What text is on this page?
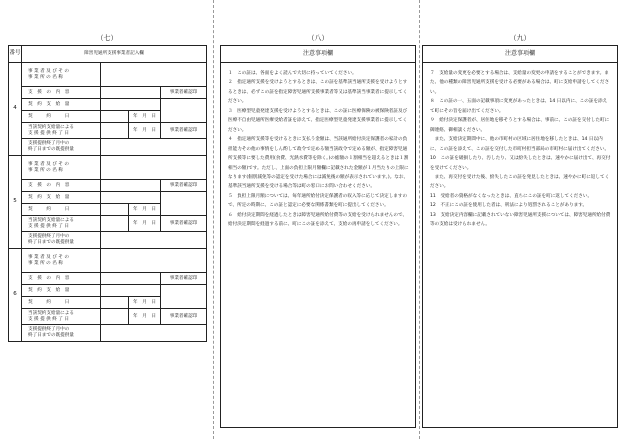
（七）	（八）	（九）
番号	障害児通所支援事業者記入欄			
4	事 業 者 及 び そ の
事 業 所 の 名 称			
	支　援　の　内　容			事業者確認印
	契　約　支　給　量			
	契　　　約　　　日		年　月　日	
	当該契約支給量による
支 援 提 供 終 了 日		年　月　日	事業者確認印
	支援提供終了月中の
終了日までの既提供量			
5	事 業 者 及 び そ の
事 業 所 の 名 称			
	支　援　の　内　容			事業者確認印
	契　約　支　給　量			
	契　　　約　　　日		年　月　日	
	当該契約支給量による
支 援 提 供 終 了 日		年　月　日	事業者確認印
	支援提供終了月中の
終了日までの既提供量			
6	事 業 者 及 び そ の
事 業 所 の 名 称			
	支　援　の　内　容			事業者確認印
	契　約　支　給　量			
	契　　　約　　　日		年　月　日	
	当該契約支給量による
支 援 提 供 終 了 日		年　月　日	事業者確認印
	支援提供終了月中の
終了日までの既提供量			
注意事項欄

１　この証は、各面をよく読んで大切に持っていてください。

２　指定通所支援を受けようとするときは、この証を基準該当通所支援を受けようとするときは、必ずこの証を指定障害児通所支援事業者等又は基準該当事業者に提示してください。

３　医療型児童発達支援を受けようとするときは、この証に医療保険の被保険者証及び医療不自由児通所医療受給者証を添えて、指定医療型児童発達支援事業者に提示してください。

４　指定通所支援等を受けるときに支払う金額は、当該通所給付決定保護者の家計の負担能力その他の事情をしん酌して政令で定める額当該政令で定める額が、指定障害児通所支援等に要した費用(食費、光熱水費等を除く。)の総額の１割相当を超えるときは１割相当の額)です。ただし、上面の負担上限月額欄に記載された金額が１月当たりの上限になります(個別減免等の認定を受けた場合には減免後の額が表示されています。)。なお、基準該当通所支援を受ける場合等は町の窓口にお問い合わせください。

５　負担上限月額については、毎年通所給付決定保護者の収入等に応じて決定しますので、所定の時期に、この証と認定に必要な関係書類を町に提出してください。

６　給付決定期間を経過したときは障害児通所給付費等の支給を受けられませんので、給付決定期間を経過する前に、町にこの証を添えて、支給の再申請をしてください。

注意事項欄

７　支給量の変更を必要とする場合は、支給量の変更の申請をすることができます。また、他の種類の障害児通所支援を受ける必要がある場合は、町に支給申請をしてください。

８　この証の一、五面の記載事項に変更があったときは、14 日以内に、この証を添えて町にその旨を届け出てください。

９　給付決定保護者が、居住地を移そうとする場合は、事前に、この証を交付した町に御連絡、御相談ください。

　また、支給決定期間中に、他の市町村の区域に居住地を移したときは、14 日以内に、この証を添えて、この証を交付した市町村担当部局の市町村に届け出てください。

10　この証を破損したり、汚したり、又は紛失したときは、速やかに届け出て、再交付を受けてください。

　また、再交付を受けた後、紛失したこの証を発見したときは、速やかに町に返してください。

11　受給者の資格がなくなったときは、直ちにこの証を町に返してください。

12　不正にこの証を使用した者は、刑法により処罰されることがあります。

13　支給決定内容欄に記載されていない障害児通所支援については、障害児通所給付費等の支給は受けられません。
